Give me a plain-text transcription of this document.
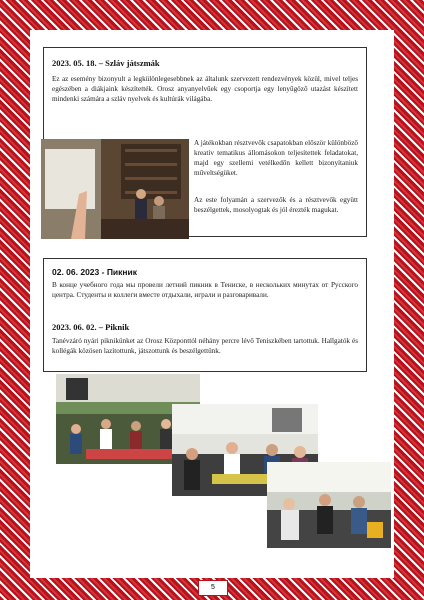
2023. 05. 18. – Szláv játszmák
Ez az esemény bizonyult a legkülönlegesebbnek az általunk szervezett rendezvények közül, mivel teljes egészében a diákjaink készítették. Orosz anyanyelvűek egy csoportja egy lenyűgöző utazást készített mindenki számára a szláv nyelvek és kultúrák világába.
A játékokban résztvevők csapatokban először különböző kreatív tematikus állomásokon teljesítettek feladatokat, majd egy szellemi vetélkedőn kellett bizonyítaniuk műveltségüket.
Az este folyamán a szervezők és a résztvevők együtt beszélgettek, mosolyogtak és jól érezték magukat.
02. 06. 2023 - Пикник
В конце учебного года мы провели летний пикник в Тениске, в нескольких минутах от Русского центра. Студенты и коллеги вместе отдыхали, играли и разговаривали.
2023. 06. 02. – Piknik
Tanévzáró nyári piknikünket az Orosz Központtól néhány percre lévő Teniszkében tartottuk. Hallgatók és kollégák közösen lazítottunk, játszottunk és beszélgettünk.
5
